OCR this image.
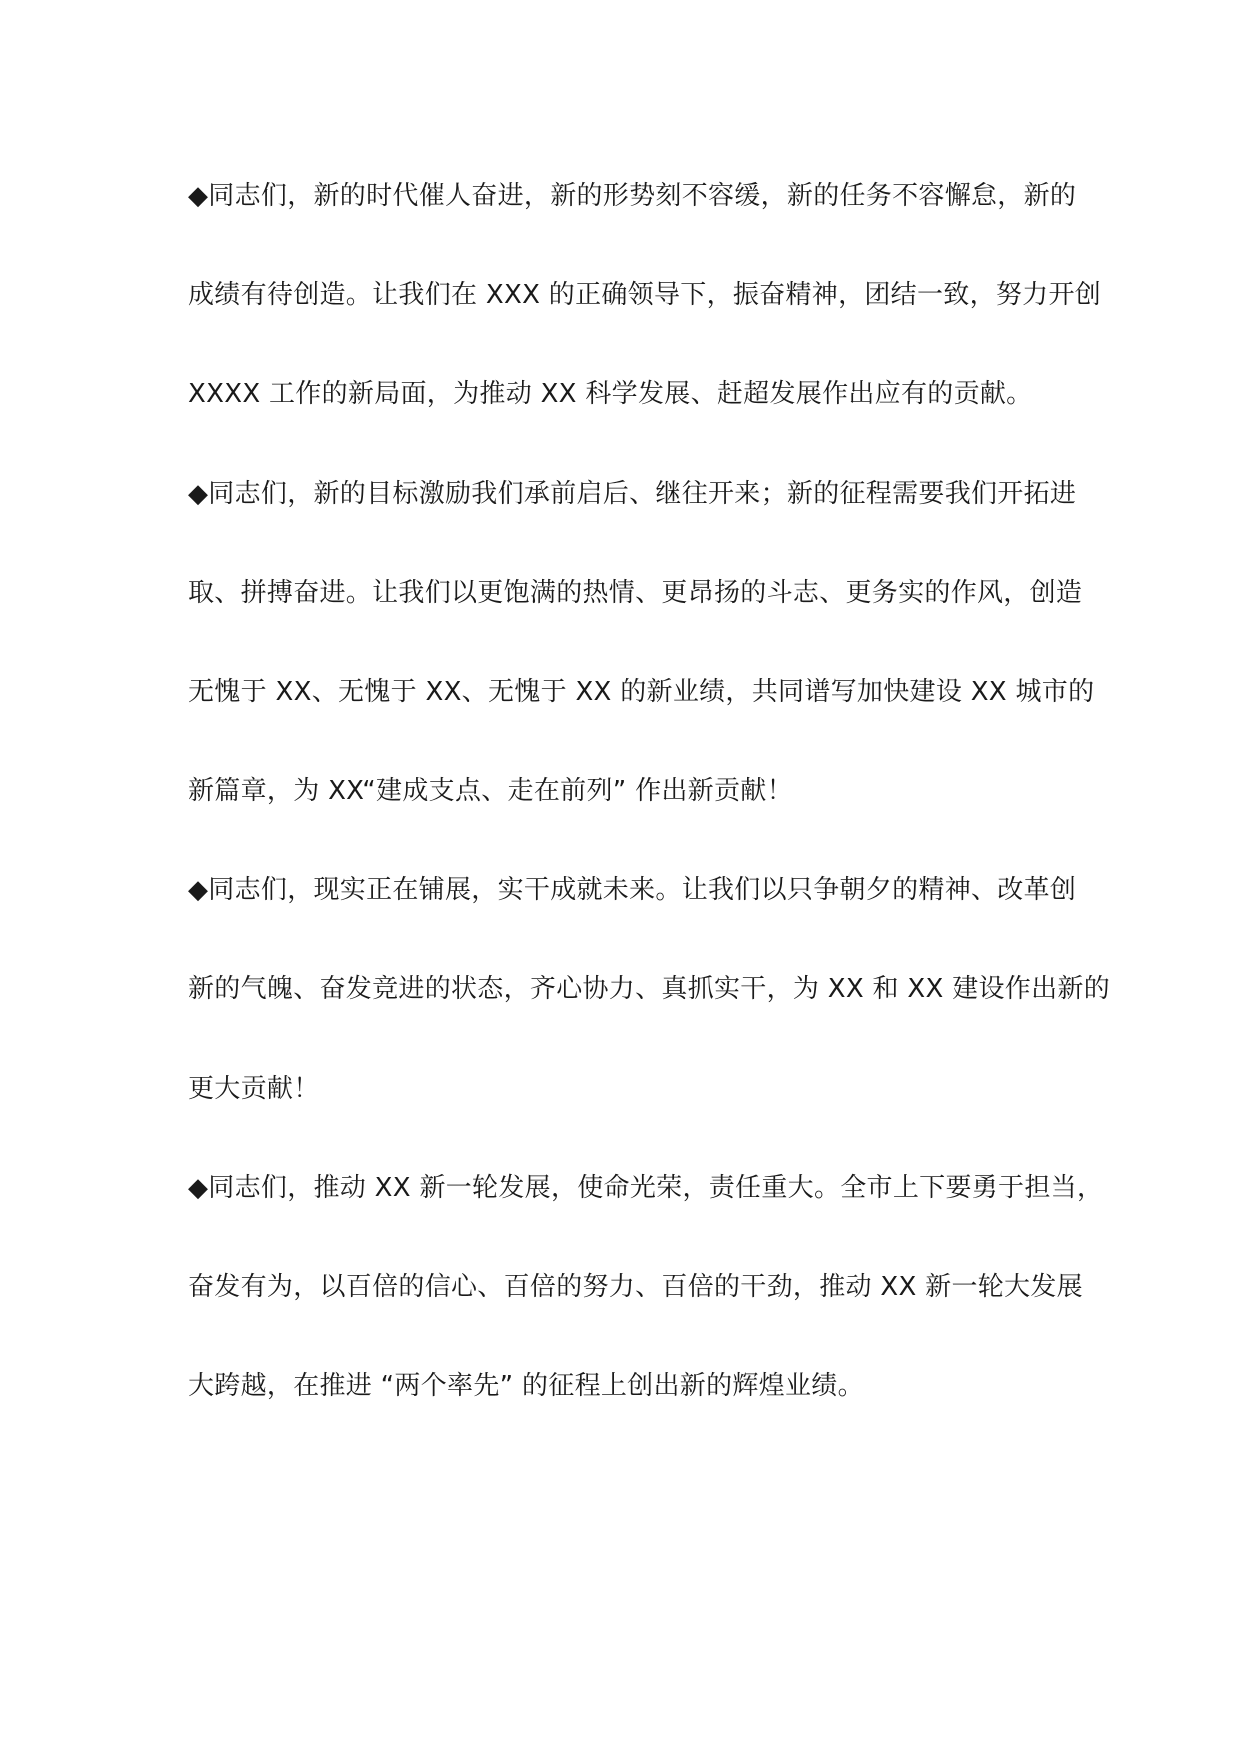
◆同志们，新的时代催人奋进，新的形势刻不容缓，新的任务不容懈怠，新的
成绩有待创造。让我们在 XXX 的正确领导下，振奋精神，团结一致，努力开创
XXXX 工作的新局面，为推动 XX 科学发展、赶超发展作出应有的贡献。
◆同志们，新的目标激励我们承前启后、继往开来；新的征程需要我们开拓进
取、拼搏奋进。让我们以更饱满的热情、更昂扬的斗志、更务实的作风，创造
无愧于 XX、无愧于 XX、无愧于 XX 的新业绩，共同谱写加快建设 XX 城市的
新篇章，为 XX“建成支点、走在前列” 作出新贡献！
◆同志们，现实正在铺展，实干成就未来。让我们以只争朝夕的精神、改革创
新的气魄、奋发竞进的状态，齐心协力、真抓实干，为 XX 和 XX 建设作出新的
更大贡献！
◆同志们，推动 XX 新一轮发展，使命光荣，责任重大。全市上下要勇于担当，
奋发有为，以百倍的信心、百倍的努力、百倍的干劲，推动 XX 新一轮大发展
大跨越，在推进 “两个率先” 的征程上创出新的辉煌业绩。
